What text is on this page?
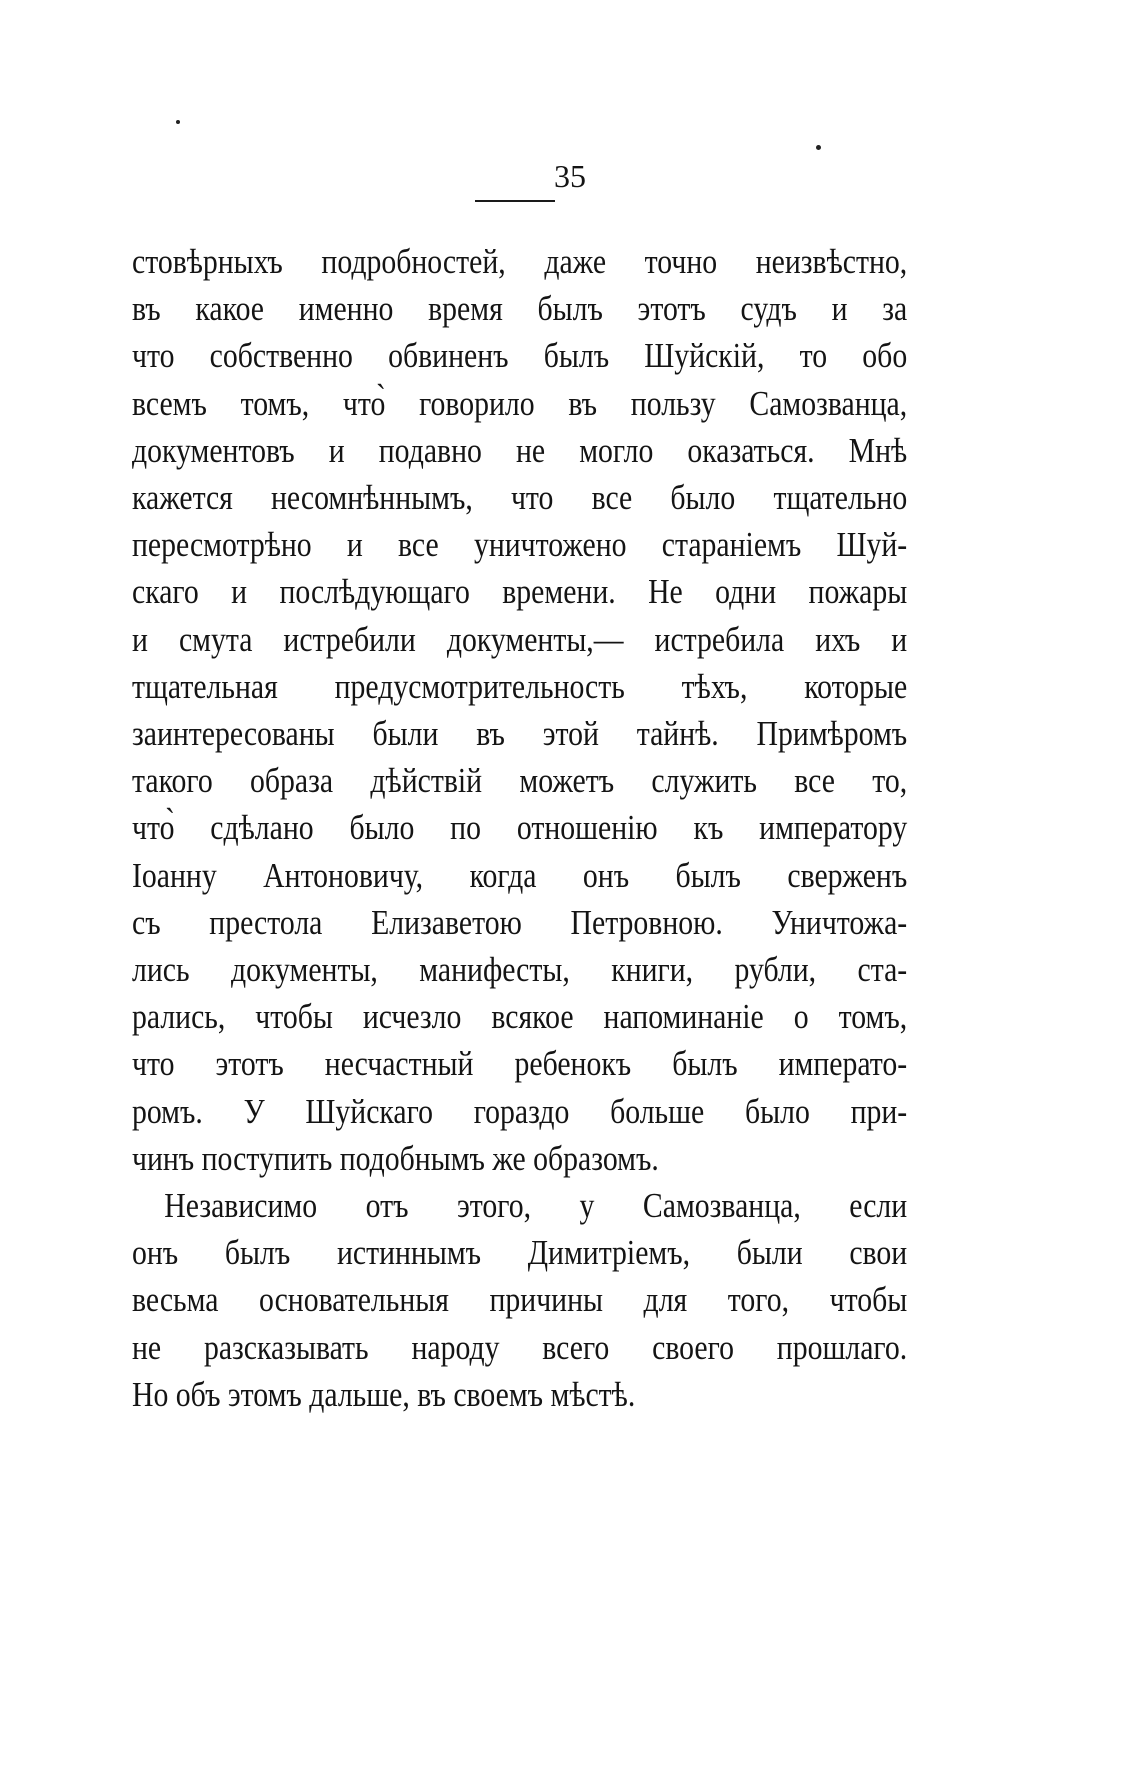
35
стовѣрныхъ подробностей, даже точно неизвѣстно,
въ какое именно время былъ этотъ судъ и за
что собственно обвиненъ былъ Шуйскій, то обо
всемъ томъ, что̀ говорило въ пользу Самозванца,
документовъ и подавно не могло оказаться. Мнѣ
кажется несомнѣннымъ, что все было тщательно
пересмотрѣно и все уничтожено стараніемъ Шуй-
скаго и послѣдующаго времени. Не одни пожары
и смута истребили документы,— истребила ихъ и
тщательная предусмотрительность тѣхъ, которые
заинтересованы были въ этой тайнѣ. Примѣромъ
такого образа дѣйствій можетъ служить все то,
что̀ сдѣлано было по отношенію къ императору
Іоанну Антоновичу, когда онъ былъ сверженъ
съ престола Елизаветою Петровною. Уничтожа-
лись документы, манифесты, книги, рубли, ста-
рались, чтобы исчезло всякое напоминаніе о томъ,
что этотъ несчастный ребенокъ былъ императо-
ромъ. У Шуйскаго гораздо больше было при-
чинъ поступить подобнымъ же образомъ.
Независимо отъ этого, у Самозванца, если
онъ былъ истиннымъ Димитріемъ, были свои
весьма основательныя причины для того, чтобы
не разсказывать народу всего своего прошлаго.
Но объ этомъ дальше, въ своемъ мѣстѣ.
